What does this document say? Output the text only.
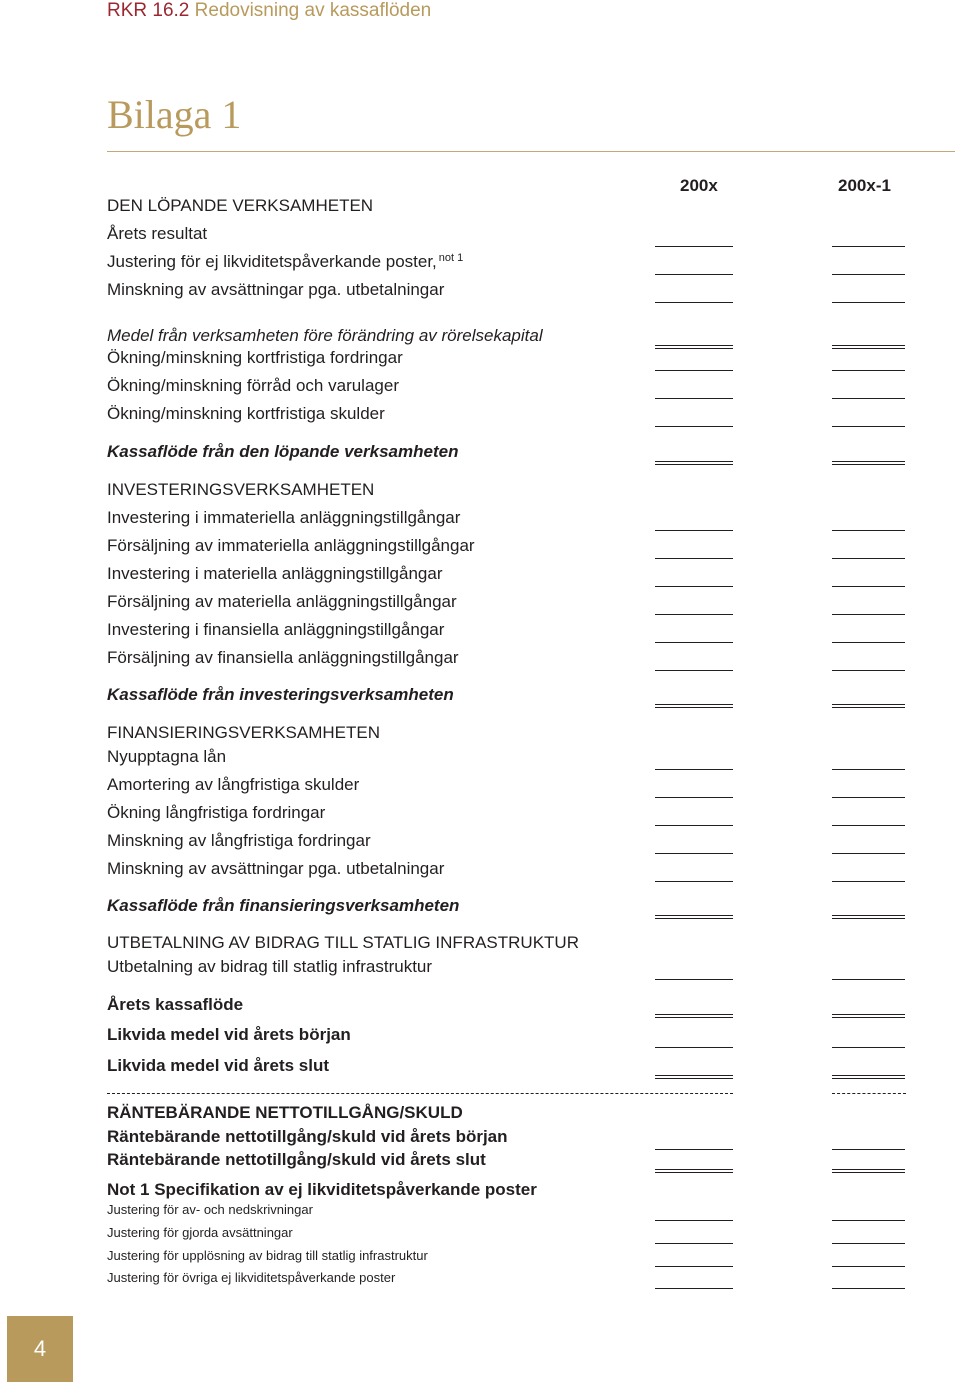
RKR 16.2 Redovisning av kassaflöden
Bilaga 1
200x	200x-1
DEN LÖPANDE VERKSAMHETEN
Årets resultat
Justering för ej likviditetspåverkande poster, $^{not 1}$
Minskning av avsättningar pga. utbetalningar
Medel från verksamheten före förändring av rörelsekapital
Ökning/minskning kortfristiga fordringar
Ökning/minskning förråd och varulager
Ökning/minskning kortfristiga skulder
Kassaflöde från den löpande verksamheten
INVESTERINGSVERKSAMHETEN
Investering i immateriella anläggningstillgångar
Försäljning av immateriella anläggningstillgångar
Investering i materiella anläggningstillgångar
Försäljning av materiella anläggningstillgångar
Investering i finansiella anläggningstillgångar
Försäljning av finansiella anläggningstillgångar
Kassaflöde från investeringsverksamheten
FINANSIERINGSVERKSAMHETEN
Nyupptagna lån
Amortering av långfristiga skulder
Ökning långfristiga fordringar
Minskning av långfristiga fordringar
Minskning av avsättningar pga. utbetalningar
Kassaflöde från finansieringsverksamheten
UTBETALNING AV BIDRAG TILL STATLIG INFRASTRUKTUR
Utbetalning av bidrag till statlig infrastruktur
Årets kassaflöde
Likvida medel vid årets början
Likvida medel vid årets slut
RÄNTEBÄRANDE NETTOTILLGÅNG/SKULD
Räntebärande nettotillgång/skuld vid årets början
Räntebärande nettotillgång/skuld vid årets slut
Not 1 Specifikation av ej likviditetspåverkande poster
Justering för av- och nedskrivningar
Justering för gjorda avsättningar
Justering för upplösning av bidrag till statlig infrastruktur
Justering för övriga ej likviditetspåverkande poster
4
